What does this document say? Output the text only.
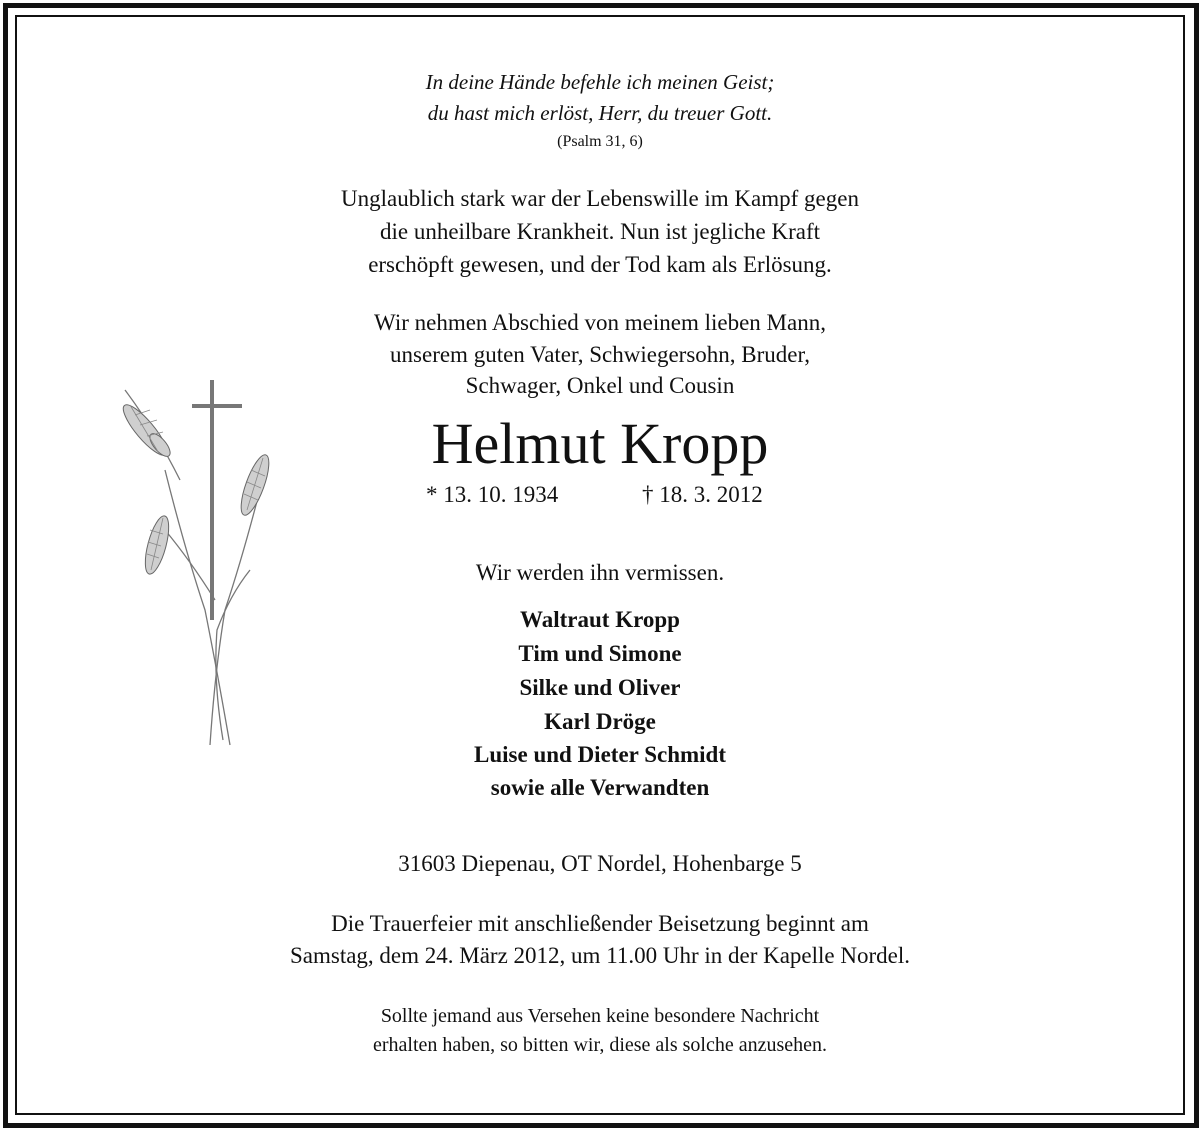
In deine Hände befehle ich meinen Geist;
du hast mich erlöst, Herr, du treuer Gott.
(Psalm 31, 6)
Unglaublich stark war der Lebenswille im Kampf gegen
die unheilbare Krankheit. Nun ist jegliche Kraft
erschöpft gewesen, und der Tod kam als Erlösung.
Wir nehmen Abschied von meinem lieben Mann,
unserem guten Vater, Schwiegersohn, Bruder,
Schwager, Onkel und Cousin
Helmut Kropp
* 13. 10. 1934	† 18. 3. 2012
Wir werden ihn vermissen.
Waltraut Kropp
Tim und Simone
Silke und Oliver
Karl Dröge
Luise und Dieter Schmidt
sowie alle Verwandten
31603 Diepenau, OT Nordel, Hohenbarge 5
Die Trauerfeier mit anschließender Beisetzung beginnt am
Samstag, dem 24. März 2012, um 11.00 Uhr in der Kapelle Nordel.
Sollte jemand aus Versehen keine besondere Nachricht
erhalten haben, so bitten wir, diese als solche anzusehen.
